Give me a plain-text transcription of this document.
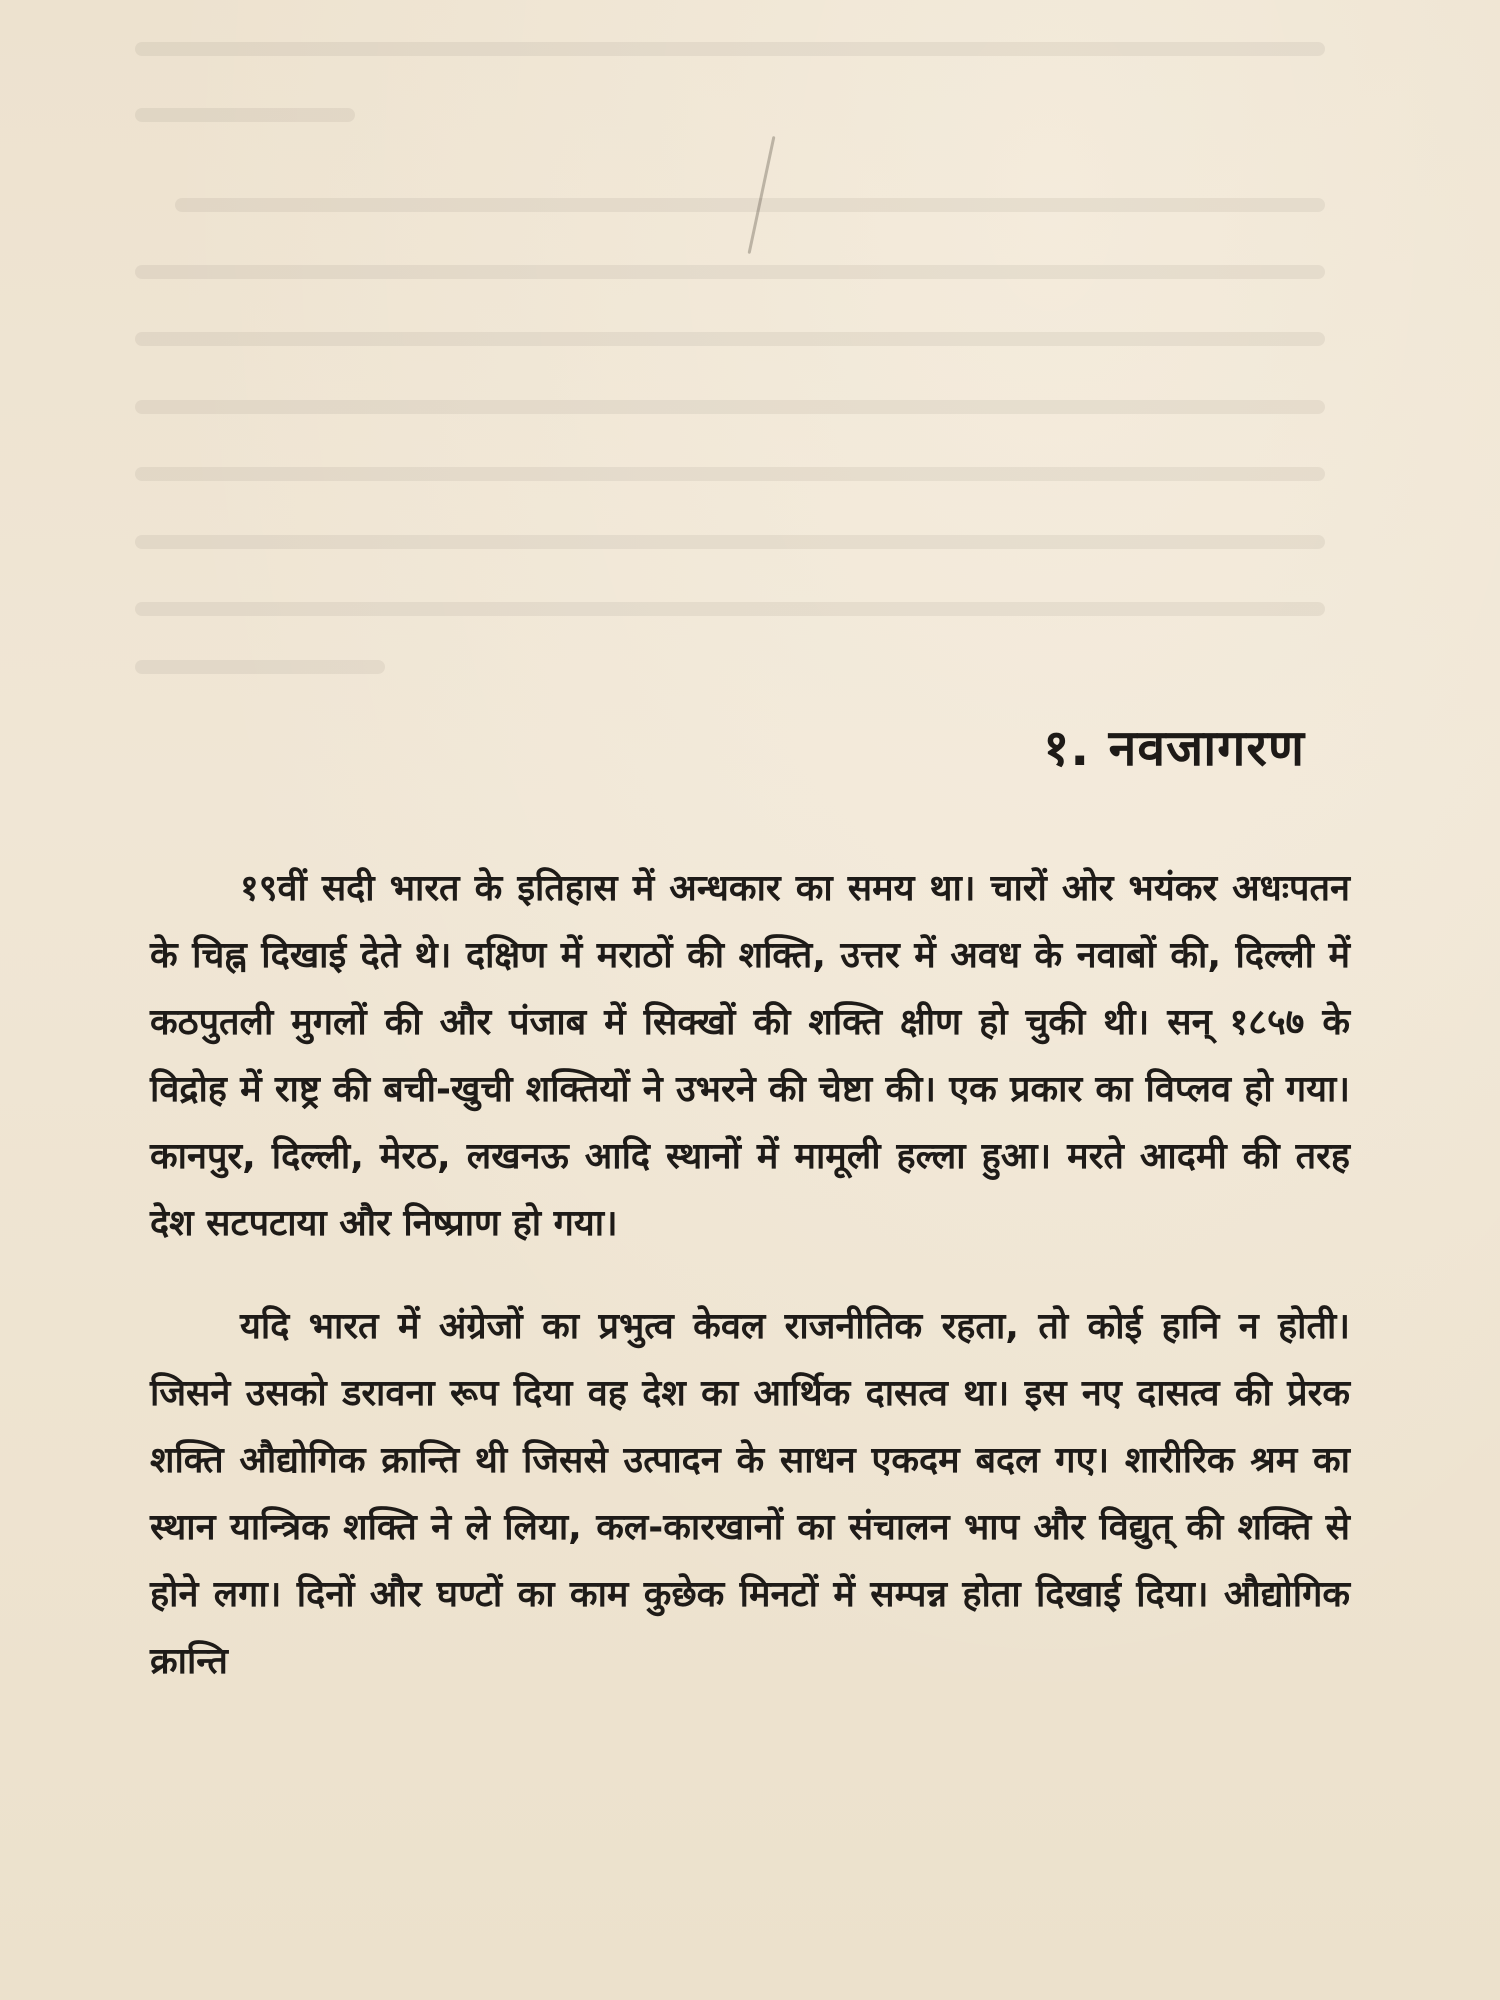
१. नवजागरण

१९वीं सदी भारत के इतिहास में अन्धकार का समय था। चारों ओर भयंकर अधःपतन के चिह्न दिखाई देते थे। दक्षिण में मराठों की शक्ति, उत्तर में अवध के नवाबों की, दिल्ली में कठपुतली मुगलों की और पंजाब में सिक्खों की शक्ति क्षीण हो चुकी थी। सन् १८५७ के विद्रोह में राष्ट्र की बची-खुची शक्तियों ने उभरने की चेष्टा की। एक प्रकार का विप्लव हो गया। कानपुर, दिल्ली, मेरठ, लखनऊ आदि स्थानों में मामूली हल्ला हुआ। मरते आदमी की तरह देश सटपटाया और निष्प्राण हो गया।

यदि भारत में अंग्रेजों का प्रभुत्व केवल राजनीतिक रहता, तो कोई हानि न होती। जिसने उसको डरावना रूप दिया वह देश का आर्थिक दासत्व था। इस नए दासत्व की प्रेरक शक्ति औद्योगिक क्रान्ति थी जिससे उत्पादन के साधन एकदम बदल गए। शारीरिक श्रम का स्थान यान्त्रिक शक्ति ने ले लिया, कल-कारखानों का संचालन भाप और विद्युत् की शक्ति से होने लगा। दिनों और घण्टों का काम कुछेक मिनटों में सम्पन्न होता दिखाई दिया। औद्योगिक क्रान्ति
